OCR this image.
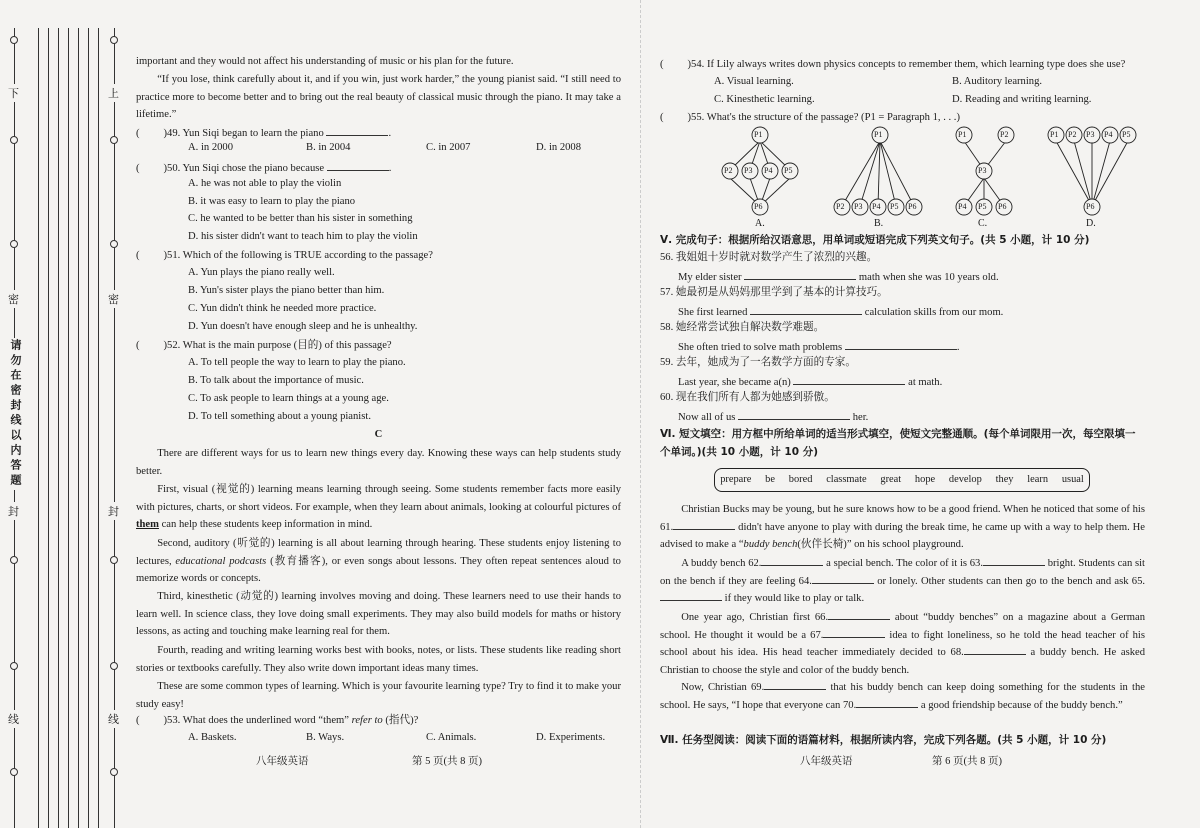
下	上
密	密
封	封
线	线
请勿在密封线以内答题
important and they would not affect his understanding of music or his plan for the future.
“If you lose, think carefully about it, and if you win, just work harder,” the young pianist said. “I still need to practice more to become better and to bring out the real beauty of classical music through the piano. It may take a lifetime.”
( )49. Yun Siqi began to learn the piano	.
A. in 2000	B. in 2004	C. in 2007	D. in 2008
( )50. Yun Siqi chose the piano because	.
A. he was not able to play the violin
B. it was easy to learn to play the piano
C. he wanted to be better than his sister in something
D. his sister didn't want to teach him to play the violin
( )51. Which of the following is TRUE according to the passage?
A. Yun plays the piano really well.
B. Yun's sister plays the piano better than him.
C. Yun didn't think he needed more practice.
D. Yun doesn't have enough sleep and he is unhealthy.
( )52. What is the main purpose (目的) of this passage?
A. To tell people the way to learn to play the piano.
B. To talk about the importance of music.
C. To ask people to learn things at a young age.
D. To tell something about a young pianist.
C
There are different ways for us to learn new things every day. Knowing these ways can help students study better.
First, visual (视觉的) learning means learning through seeing. Some students remember facts more easily with pictures, charts, or short videos. For example, when they learn about animals, looking at colourful pictures of them can help these students keep information in mind.
Second, auditory (听觉的) learning is all about learning through hearing. These students enjoy listening to lectures, educational podcasts (教育播客), or even songs about lessons. They often repeat sentences aloud to memorize words or concepts.
Third, kinesthetic (动觉的) learning involves moving and doing. These learners need to use their hands to learn well. In science class, they love doing small experiments. They may also build models for maths or history lessons, as acting and touching make learning real for them.
Fourth, reading and writing learning works best with books, notes, or lists. These students like reading short stories or textbooks carefully. They also write down important ideas many times.
These are some common types of learning. Which is your favourite learning type? Try to find it to make your study easy!
( )53. What does the underlined word “them” refer to (指代)?
A. Baskets.	B. Ways.	C. Animals.	D. Experiments.
八年级英语	第 5 页(共 8 页)
( )54. If Lily always writes down physics concepts to remember them, which learning type does she use?
A. Visual learning.	B. Auditory learning.
C. Kinesthetic learning.	D. Reading and writing learning.
( )55. What's the structure of the passage? (P1 = Paragraph 1, . . .)
P1
P2 P3 P4 P5
P6
P1
P2 P3 P4 P5 P6
P1	P2
P3
P4 P5 P6
P1 P2 P3 P4 P5
P6
A.	B.	C.	D.
Ⅴ. 完成句子：根据所给汉语意思，用单词或短语完成下列英文句子。(共 5 小题，计 10 分)
56. 我姐姐十岁时就对数学产生了浓烈的兴趣。
My elder sister	math when she was 10 years old.
57. 她最初是从妈妈那里学到了基本的计算技巧。
She first learned	calculation skills from our mom.
58. 她经常尝试独自解决数学难题。
She often tried to solve math problems	.
59. 去年，她成为了一名数学方面的专家。
Last year, she became a(n)	at math.
60. 现在我们所有人都为她感到骄傲。
Now all of us	her.
Ⅵ. 短文填空：用方框中所给单词的适当形式填空，使短文完整通顺。(每个单词限用一次，每空限填一个单词。)(共 10 小题，计 10 分)
prepare   be   bored   classmate   great   hope   develop   they   learn   usual
Christian Bucks may be young, but he sure knows how to be a good friend. When he noticed that some of his 61.	didn't have anyone to play with during the break time, he came up with a way to help them. He advised to make a “buddy bench(伙伴长椅)” on his school playground.
A buddy bench 62.	a special bench. The color of it is 63.	bright. Students can sit on the bench if they are feeling 64.	or lonely. Other students can then go to the bench and ask 65. if they would like to play or talk.
One year ago, Christian first 66.	about “buddy benches” on a magazine about a German school. He thought it would be a 67.	idea to fight loneliness, so he told the head teacher of his school about his idea. His head teacher immediately decided to 68.	a buddy bench. He asked Christian to choose the style and color of the buddy bench.
Now, Christian 69.	that his buddy bench can keep doing something for the students in the school. He says, “I hope that everyone can 70.	a good friendship because of the buddy bench.”
Ⅶ. 任务型阅读：阅读下面的语篇材料，根据所读内容，完成下列各题。(共 5 小题，计 10 分)
八年级英语	第 6 页(共 8 页)
